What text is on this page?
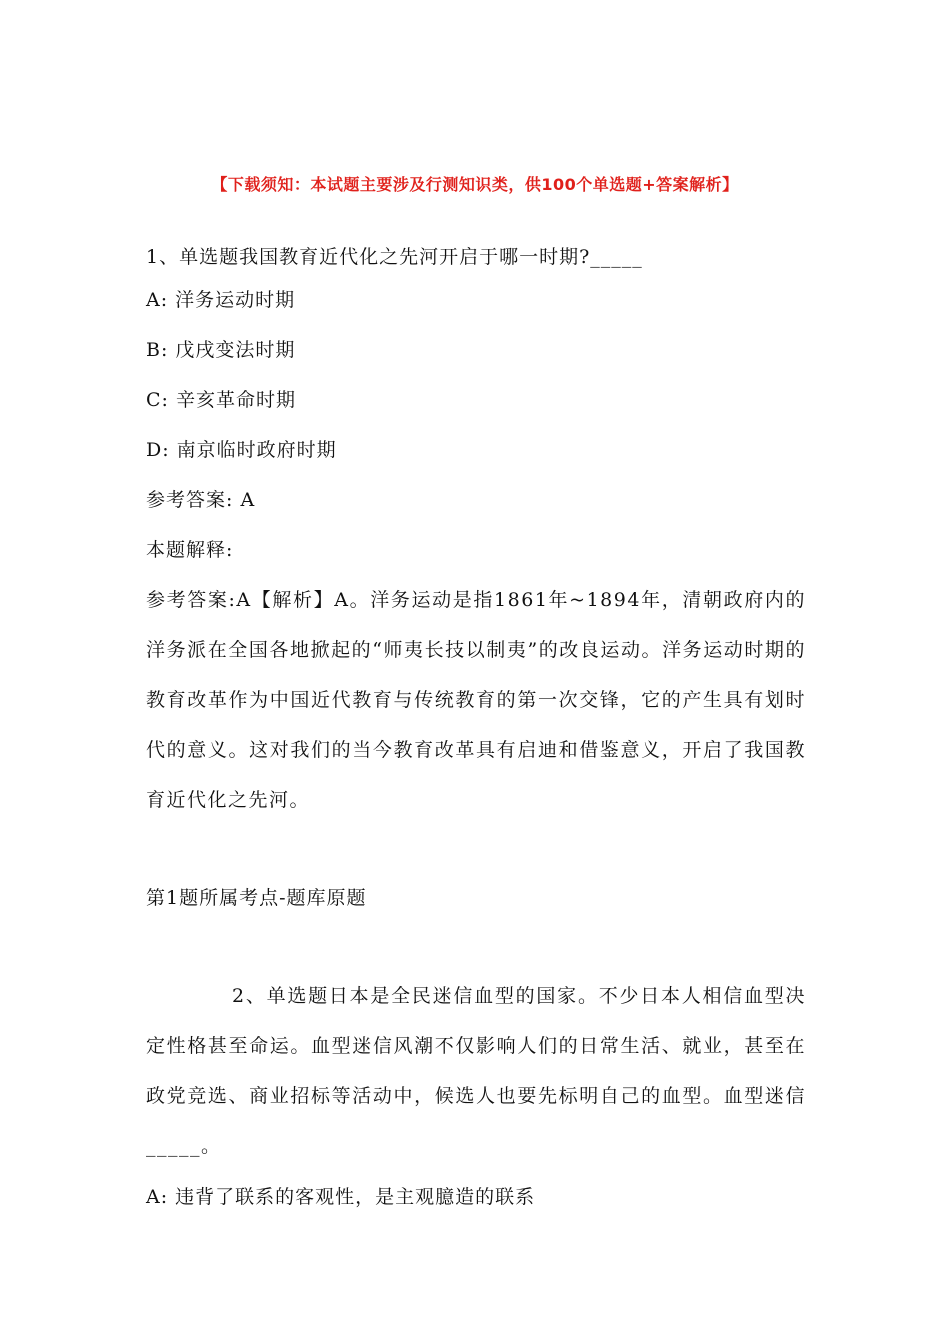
【下载须知：本试题主要涉及行测知识类，供100个单选题+答案解析】
1、单选题我国教育近代化之先河开启于哪一时期?_____
A: 洋务运动时期
B: 戊戌变法时期
C: 辛亥革命时期
D: 南京临时政府时期
参考答案: A
本题解释:
参考答案:A【解析】A。洋务运动是指1861年~1894年，清朝政府内的洋务派在全国各地掀起的“师夷长技以制夷”的改良运动。洋务运动时期的教育改革作为中国近代教育与传统教育的第一次交锋，它的产生具有划时代的意义。这对我们的当今教育改革具有启迪和借鉴意义，开启了我国教育近代化之先河。
第1题所属考点-题库原题
2、单选题日本是全民迷信血型的国家。不少日本人相信血型决定性格甚至命运。血型迷信风潮不仅影响人们的日常生活、就业，甚至在政党竞选、商业招标等活动中，候选人也要先标明自己的血型。血型迷信_____。
A: 违背了联系的客观性，是主观臆造的联系
